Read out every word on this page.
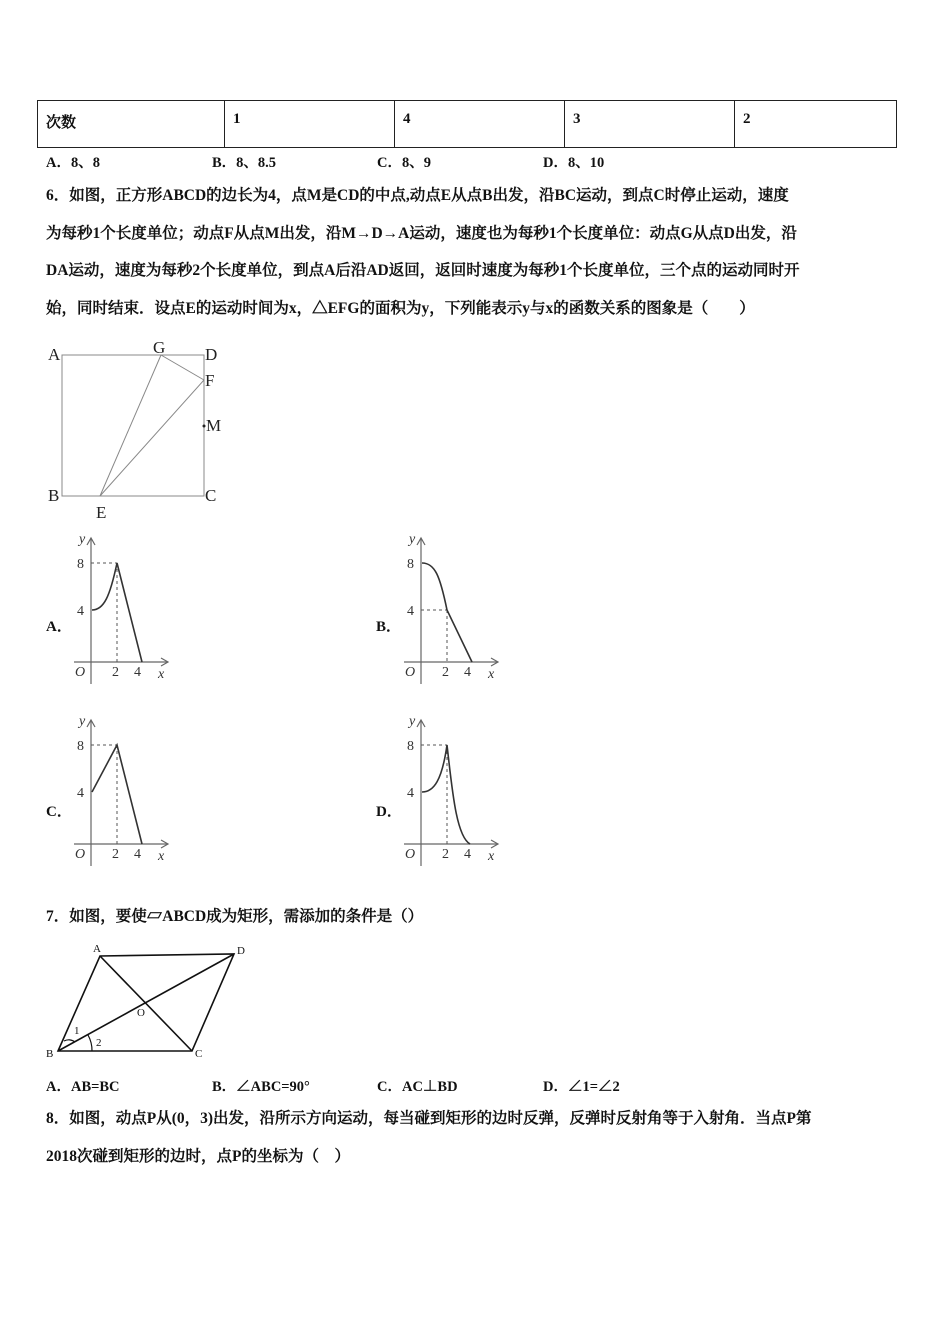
次数	1	4	3	2
A．8、8	B．8、8.5	C．8、9	D．8、10
6．如图，正方形ABCD的边长为4，点M是CD的中点,动点E从点B出发，沿BC运动，到点C时停止运动，速度
为每秒1个长度单位；动点F从点M出发，沿M→D→A运动，速度也为每秒1个长度单位：动点G从点D出发，沿
DA运动，速度为每秒2个长度单位，到点A后沿AD返回，返回时速度为每秒1个长度单位，三个点的运动同时开
始，同时结束．设点E的运动时间为x，△EFG的面积为y，下列能表示y与x的函数关系的图象是（　　）
A	G D
F
M
B
E
C
A．
y
8
4
O 2 4 x
B．
y
8
4
O 2 4 x
C．
y
8
4
O 2 4 x
D．
y
8
4
O 2 4 x
7．如图，要使▱ABCD成为矩形，需添加的条件是（）
A	D
B	C
O
1
2
A．AB=BC	B．∠ABC=90°	C．AC⊥BD	D．∠1=∠2
8．如图，动点P从(0，3)出发，沿所示方向运动，每当碰到矩形的边时反弹，反弹时反射角等于入射角．当点P第
2018次碰到矩形的边时，点P的坐标为（　）
